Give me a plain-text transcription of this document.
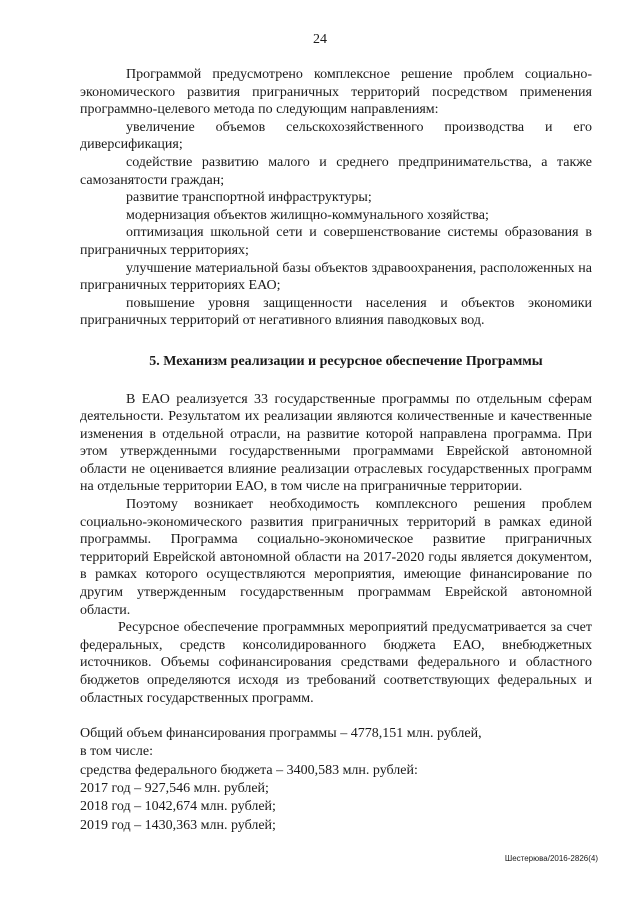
24

Программой предусмотрено комплексное решение проблем социально-экономического развития приграничных территорий посредством применения программно-целевого метода по следующим направлениям:

увеличение объемов сельскохозяйственного производства и его диверсификация;

содействие развитию малого и среднего предпринимательства, а также самозанятости граждан;

развитие транспортной инфраструктуры;

модернизация объектов жилищно-коммунального хозяйства;

оптимизация школьной сети и совершенствование системы образования в приграничных территориях;

улучшение материальной базы объектов здравоохранения, расположенных на приграничных территориях ЕАО;

повышение уровня защищенности населения и объектов экономики приграничных территорий от негативного влияния паводковых вод.

5. Механизм реализации и ресурсное обеспечение Программы

В ЕАО реализуется 33 государственные программы по отдельным сферам деятельности. Результатом их реализации являются количественные и качественные изменения в отдельной отрасли, на развитие которой направлена программа. При этом утвержденными государственными программами Еврейской автономной области не оценивается влияние реализации отраслевых государственных программ на отдельные территории ЕАО, в том числе на приграничные территории.

Поэтому возникает необходимость комплексного решения проблем социально-экономического развития приграничных территорий в рамках единой программы. Программа социально-экономическое развитие приграничных территорий Еврейской автономной области на 2017-2020 годы является документом, в рамках которого осуществляются мероприятия, имеющие финансирование по другим утвержденным государственным программам Еврейской автономной области.

Ресурсное обеспечение программных мероприятий предусматривается за счет федеральных, средств консолидированного бюджета ЕАО, внебюджетных источников. Объемы софинансирования средствами федерального и областного бюджетов определяются исходя из требований соответствующих федеральных и областных государственных программ.

Общий объем финансирования программы – 4778,151 млн. рублей,

в том числе:

средства федерального бюджета – 3400,583 млн. рублей:

2017 год – 927,546 млн. рублей;

2018 год – 1042,674 млн. рублей;

2019 год – 1430,363 млн. рублей;

Шестерюва/2016-2826(4)
